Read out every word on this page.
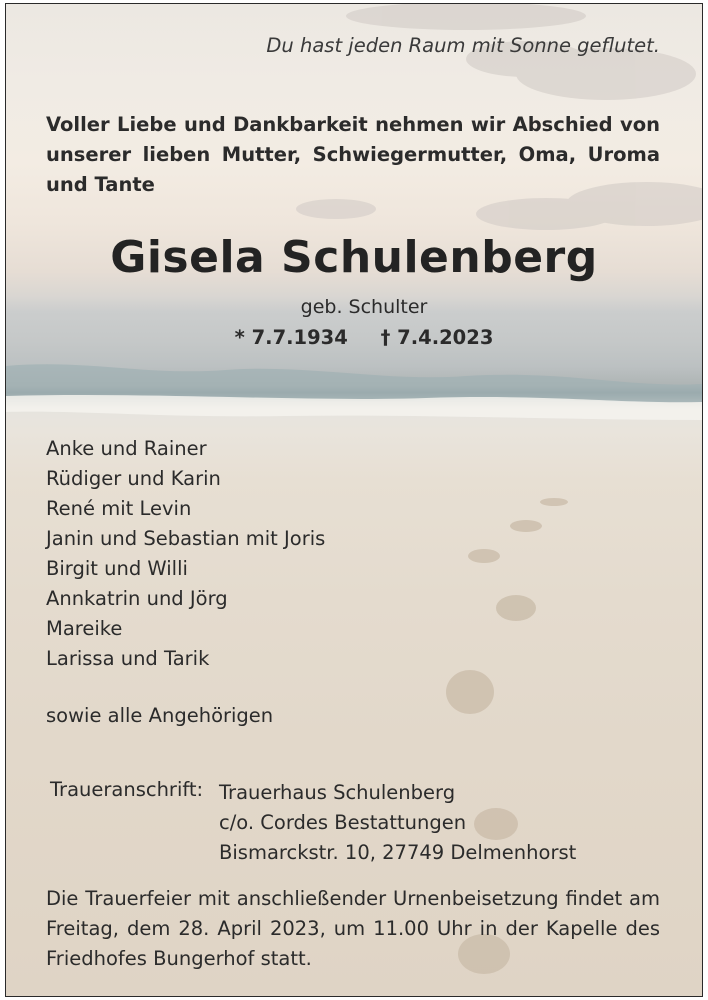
Du hast jeden Raum mit Sonne geflutet.

Voller Liebe und Dankbarkeit nehmen wir Abschied von unserer lieben Mutter, Schwiegermutter, Oma, Uroma und Tante

Gisela Schulenberg

geb. Schulter

* 7.7.1934 † 7.4.2023

Anke und Rainer
Rüdiger und Karin
René mit Levin
Janin und Sebastian mit Joris
Birgit und Willi
Annkatrin und Jörg
Mareike
Larissa und Tarik

sowie alle Angehörigen

Traueranschrift: Trauerhaus Schulenberg
c/o. Cordes Bestattungen
Bismarckstr. 10, 27749 Delmenhorst

Die Trauerfeier mit anschließender Urnenbeisetzung findet am Freitag, dem 28. April 2023, um 11.00 Uhr in der Kapelle des Friedhofes Bungerhof statt.
